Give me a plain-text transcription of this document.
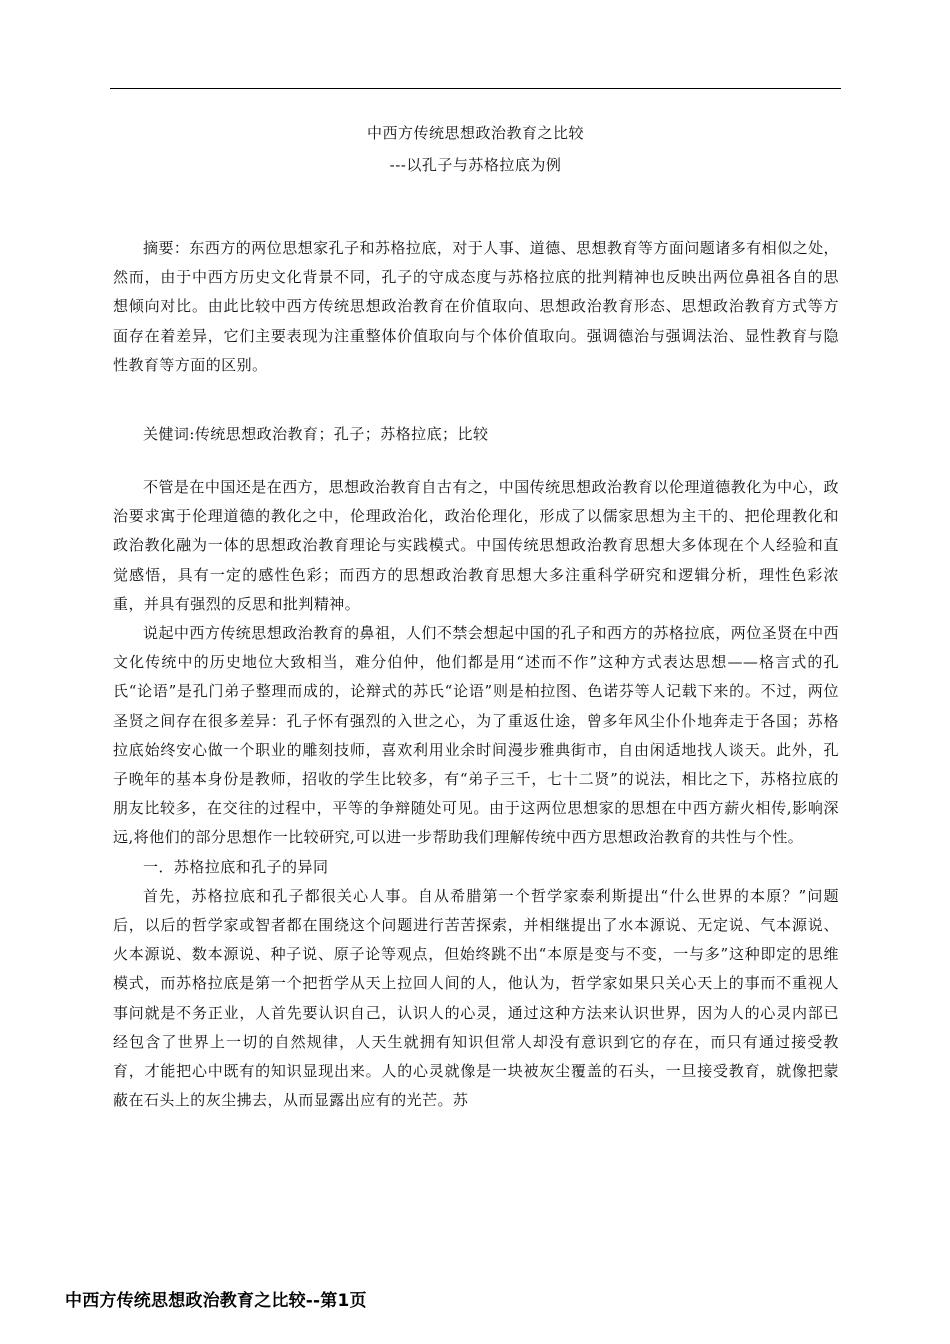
中西方传统思想政治教育之比较
---以孔子与苏格拉底为例

摘要：东西方的两位思想家孔子和苏格拉底，对于人事、道德、思想教育等方面问题诸多有相似之处，然而，由于中西方历史文化背景不同，孔子的守成态度与苏格拉底的批判精神也反映出两位鼻祖各自的思想倾向对比。由此比较中西方传统思想政治教育在价值取向、思想政治教育形态、思想政治教育方式等方面存在着差异，它们主要表现为注重整体价值取向与个体价值取向。强调德治与强调法治、显性教育与隐性教育等方面的区别。

关健词:传统思想政治教育；孔子；苏格拉底；比较

不管是在中国还是在西方，思想政治教育自古有之，中国传统思想政治教育以伦理道德教化为中心，政治要求寓于伦理道德的教化之中，伦理政治化，政治伦理化，形成了以儒家思想为主干的、把伦理教化和政治教化融为一体的思想政治教育理论与实践模式。中国传统思想政治教育思想大多体现在个人经验和直觉感悟，具有一定的感性色彩；而西方的思想政治教育思想大多注重科学研究和逻辑分析，理性色彩浓重，并具有强烈的反思和批判精神。

说起中西方传统思想政治教育的鼻祖，人们不禁会想起中国的孔子和西方的苏格拉底，两位圣贤在中西文化传统中的历史地位大致相当，难分伯仲，他们都是用“述而不作”这种方式表达思想——格言式的孔氏“论语”是孔门弟子整理而成的，论辩式的苏氏“论语”则是柏拉图、色诺芬等人记载下来的。不过，两位圣贤之间存在很多差异：孔子怀有强烈的入世之心，为了重返仕途，曾多年风尘仆仆地奔走于各国；苏格拉底始终安心做一个职业的雕刻技师，喜欢利用业余时间漫步雅典街市，自由闲适地找人谈天。此外，孔子晚年的基本身份是教师，招收的学生比较多，有“弟子三千，七十二贤”的说法，相比之下，苏格拉底的朋友比较多，在交往的过程中，平等的争辩随处可见。由于这两位思想家的思想在中西方薪火相传,影响深远,将他们的部分思想作一比较研究,可以进一步帮助我们理解传统中西方思想政治教育的共性与个性。

一．苏格拉底和孔子的异同

首先，苏格拉底和孔子都很关心人事。自从希腊第一个哲学家泰利斯提出“什么世界的本原？”问题后，以后的哲学家或智者都在围绕这个问题进行苦苦探索，并相继提出了水本源说、无定说、气本源说、火本源说、数本源说、种子说、原子论等观点，但始终跳不出“本原是变与不变，一与多”这种即定的思维模式，而苏格拉底是第一个把哲学从天上拉回人间的人，他认为，哲学家如果只关心天上的事而不重视人事问就是不务正业，人首先要认识自己，认识人的心灵，通过这种方法来认识世界，因为人的心灵内部已经包含了世界上一切的自然规律，人天生就拥有知识但常人却没有意识到它的存在，而只有通过接受教育，才能把心中既有的知识显现出来。人的心灵就像是一块被灰尘覆盖的石头，一旦接受教育，就像把蒙蔽在石头上的灰尘拂去，从而显露出应有的光芒。苏

中西方传统思想政治教育之比较--第1页
